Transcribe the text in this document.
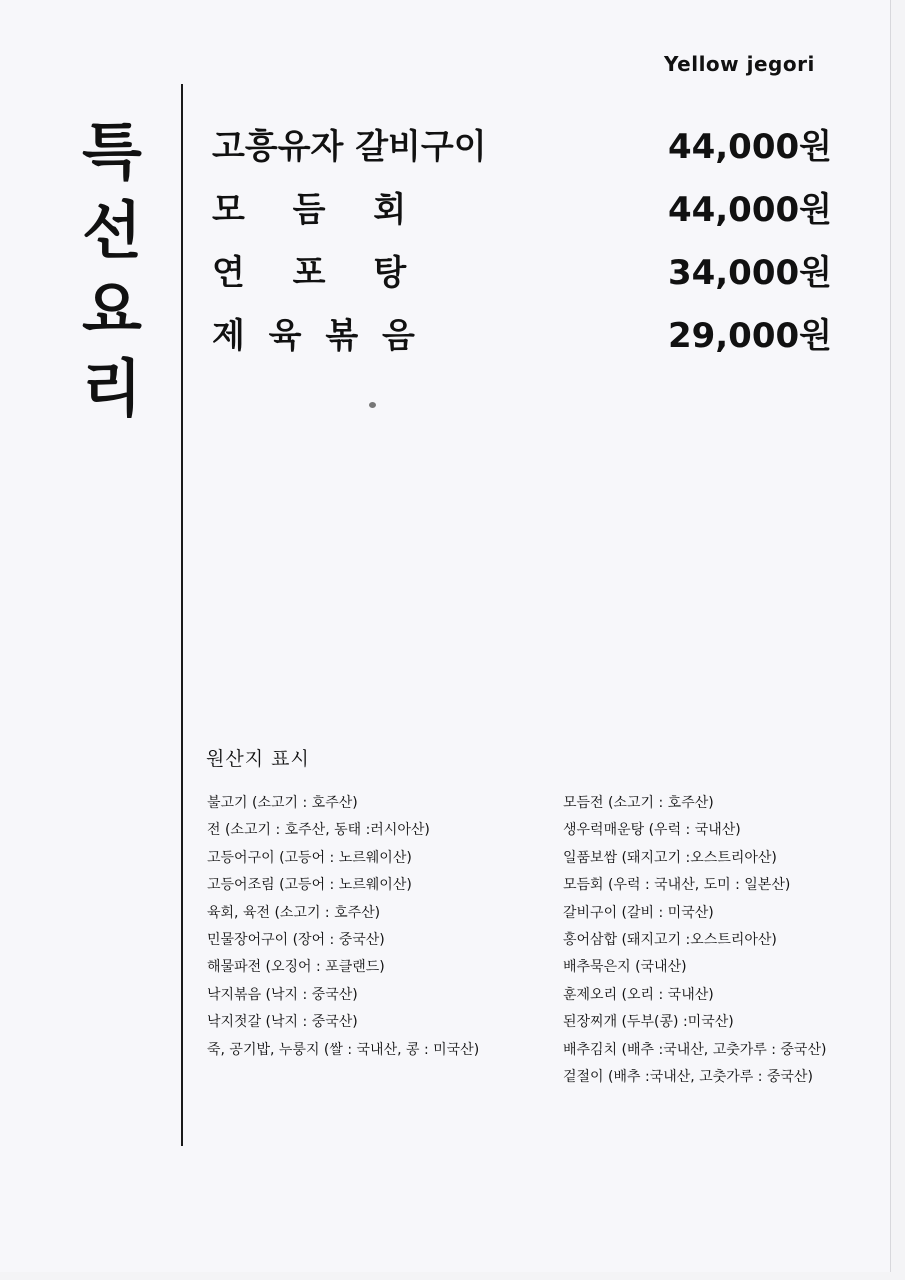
Yellow jegori
특
선
요
리
고흥유자 갈비구이	44,000원
모 듬 회	44,000원
연 포 탕	34,000원
제 육 볶 음	29,000원
원산지 표시
불고기 (소고기 : 호주산)
전 (소고기 : 호주산, 동태 :러시아산)
고등어구이 (고등어 : 노르웨이산)
고등어조림 (고등어 : 노르웨이산)
육회, 육전 (소고기 : 호주산)
민물장어구이 (장어 : 중국산)
해물파전 (오징어 : 포클랜드)
낙지볶음 (낙지 : 중국산)
낙지젓갈 (낙지 : 중국산)
죽, 공기밥, 누룽지 (쌀 : 국내산, 콩 : 미국산)
모듬전 (소고기 : 호주산)
생우럭매운탕 (우럭 : 국내산)
일품보쌈 (돼지고기 :오스트리아산)
모듬회 (우럭 : 국내산, 도미 : 일본산)
갈비구이 (갈비 : 미국산)
홍어삼합 (돼지고기 :오스트리아산)
배추묵은지 (국내산)
훈제오리 (오리 : 국내산)
된장찌개 (두부(콩) :미국산)
배추김치 (배추 :국내산, 고춧가루 : 중국산)
겉절이 (배추 :국내산, 고춧가루 : 중국산)
